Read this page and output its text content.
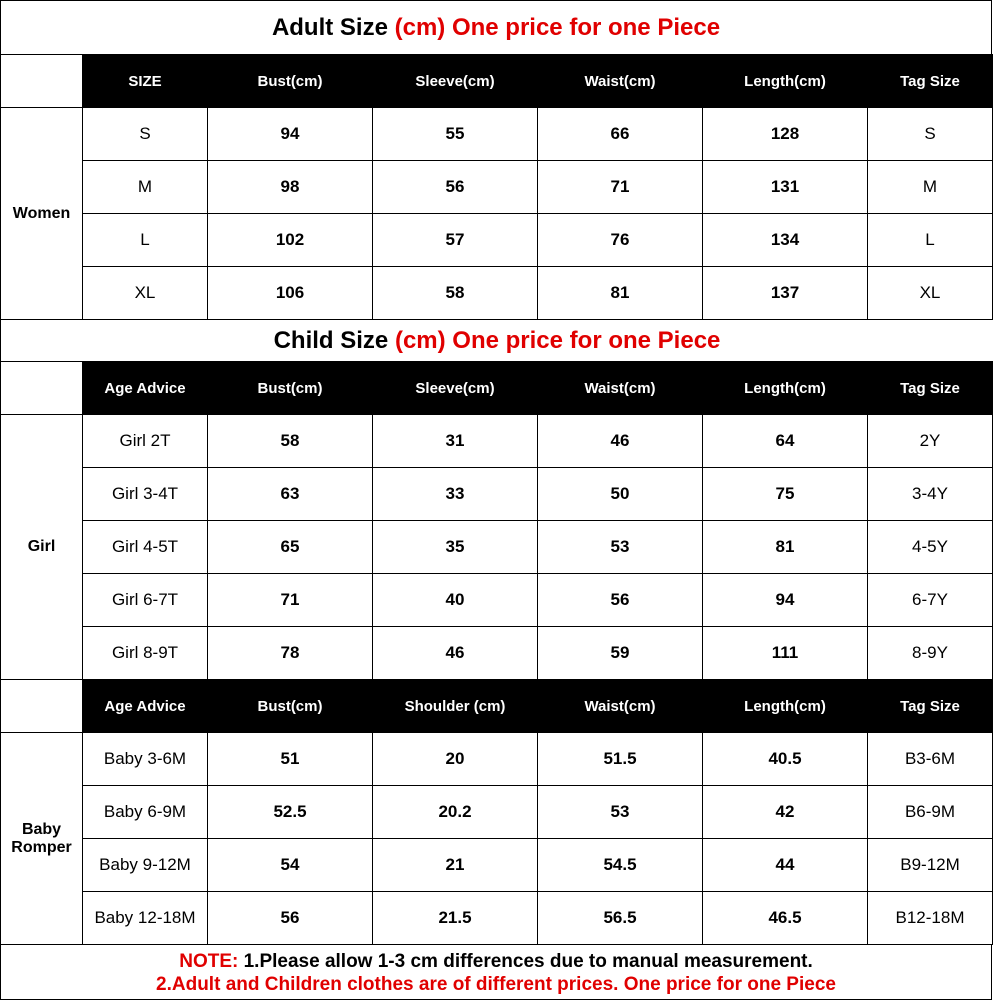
Adult Size (cm) One price for one Piece
	SIZE	Bust(cm)	Sleeve(cm)	Waist(cm)	Length(cm)	Tag Size
Women	S	94	55	66	128	S
	M	98	56	71	131	M
	L	102	57	76	134	L
	XL	106	58	81	137	XL
Child Size (cm) One price for one Piece
	Age Advice	Bust(cm)	Sleeve(cm)	Waist(cm)	Length(cm)	Tag Size
Girl	Girl 2T	58	31	46	64	2Y
	Girl 3-4T	63	33	50	75	3-4Y
	Girl 4-5T	65	35	53	81	4-5Y
	Girl 6-7T	71	40	56	94	6-7Y
	Girl 8-9T	78	46	59	111	8-9Y
	Age Advice	Bust(cm)	Shoulder (cm)	Waist(cm)	Length(cm)	Tag Size
Baby
Romper	Baby 3-6M	51	20	51.5	40.5	B3-6M
	Baby 6-9M	52.5	20.2	53	42	B6-9M
	Baby 9-12M	54	21	54.5	44	B9-12M
	Baby 12-18M	56	21.5	56.5	46.5	B12-18M
NOTE: 1.Please allow 1-3 cm differences due to manual measurement.
2.Adult and Children clothes are of different prices. One price for one Piece
